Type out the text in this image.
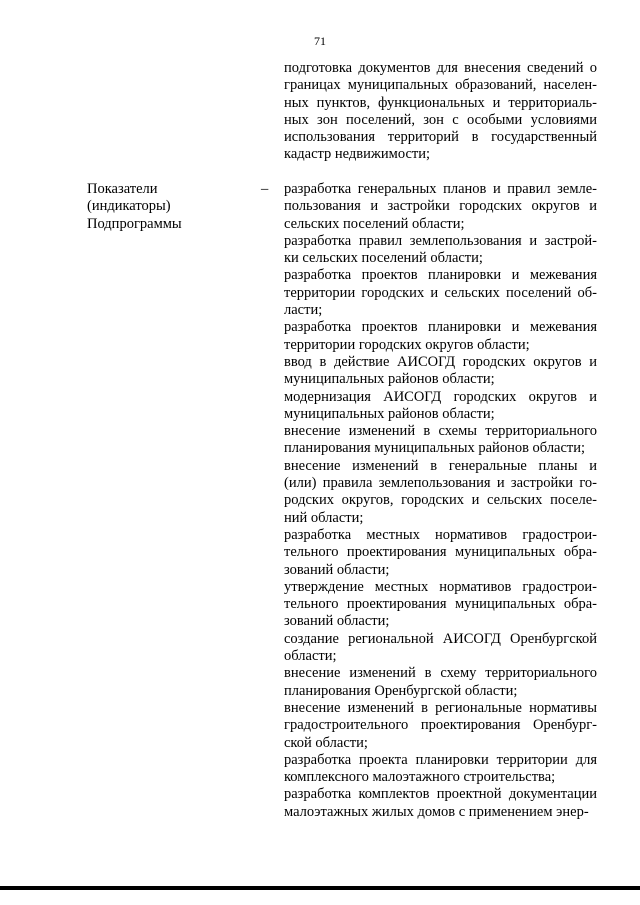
71

подготовка документов для внесения сведений о
границах муниципальных образований, населен-
ных пунктов, функциональных и территориаль-
ных зон поселений, зон с особыми условиями
использования территорий в государственный
кадастр недвижимости;

Показатели
(индикаторы)
Подпрограммы
– разработка генеральных планов и правил земле-
пользования и застройки городских округов и
сельских поселений области;

разработка правил землепользования и застрой-
ки сельских поселений области;

разработка проектов планировки и межевания
территории городских и сельских поселений об-
ласти;

разработка проектов планировки и межевания
территории городских округов области;

ввод в действие АИСОГД городских округов и
муниципальных районов области;

модернизация АИСОГД городских округов и
муниципальных районов области;

внесение изменений в схемы территориального
планирования муниципальных районов области;

внесение изменений в генеральные планы и
(или) правила землепользования и застройки го-
родских округов, городских и сельских поселе-
ний области;

разработка местных нормативов градострои-
тельного проектирования муниципальных обра-
зований области;

утверждение местных нормативов градострои-
тельного проектирования муниципальных обра-
зований области;

создание региональной АИСОГД Оренбургской
области;

внесение изменений в схему территориального
планирования Оренбургской области;

внесение изменений в региональные нормативы
градостроительного проектирования Оренбург-
ской области;

разработка проекта планировки территории для
комплексного малоэтажного строительства;

разработка комплектов проектной документации
малоэтажных жилых домов с применением энер-
